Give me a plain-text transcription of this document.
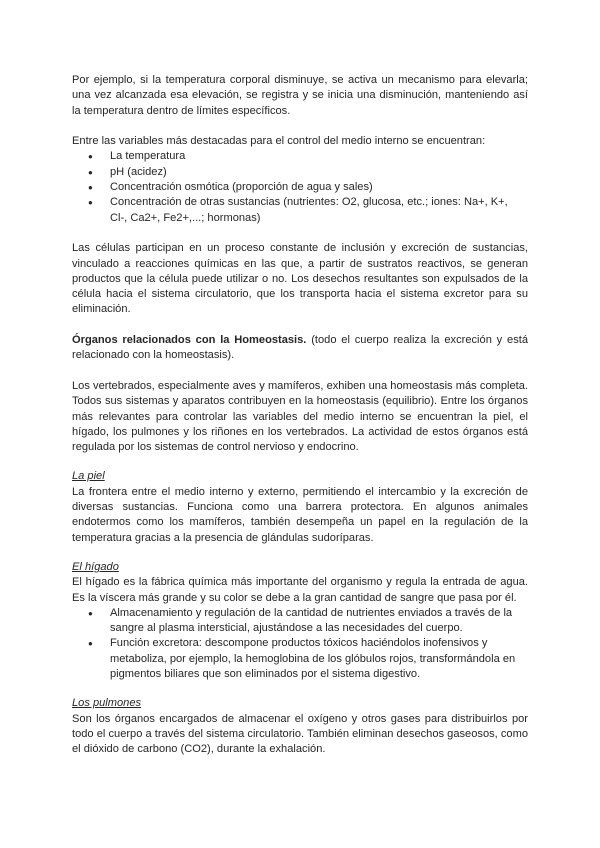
Por ejemplo, si la temperatura corporal disminuye, se activa un mecanismo para elevarla; una vez alcanzada esa elevación, se registra y se inicia una disminución, manteniendo así la temperatura dentro de límites específicos.

Entre las variables más destacadas para el control del medio interno se encuentran:

● La temperatura
● pH (acidez)
● Concentración osmótica (proporción de agua y sales)
● Concentración de otras sustancias (nutrientes: O2, glucosa, etc.; iones: Na+, K+, Cl-, Ca2+, Fe2+,...; hormonas)

Las células participan en un proceso constante de inclusión y excreción de sustancias, vinculado a reacciones químicas en las que, a partir de sustratos reactivos, se generan productos que la célula puede utilizar o no. Los desechos resultantes son expulsados de la célula hacia el sistema circulatorio, que los transporta hacia el sistema excretor para su eliminación.

Órganos relacionados con la Homeostasis. (todo el cuerpo realiza la excreción y está relacionado con la homeostasis).

Los vertebrados, especialmente aves y mamíferos, exhiben una homeostasis más completa. Todos sus sistemas y aparatos contribuyen en la homeostasis (equilibrio). Entre los órganos más relevantes para controlar las variables del medio interno se encuentran la piel, el hígado, los pulmones y los riñones en los vertebrados. La actividad de estos órganos está regulada por los sistemas de control nervioso y endocrino.

La piel

La frontera entre el medio interno y externo, permitiendo el intercambio y la excreción de diversas sustancias. Funciona como una barrera protectora. En algunos animales endotermos como los mamíferos, también desempeña un papel en la regulación de la temperatura gracias a la presencia de glándulas sudoríparas.

El hígado

El hígado es la fábrica química más importante del organismo y regula la entrada de agua. Es la víscera más grande y su color se debe a la gran cantidad de sangre que pasa por él.

● Almacenamiento y regulación de la cantidad de nutrientes enviados a través de la sangre al plasma intersticial, ajustándose a las necesidades del cuerpo.
● Función excretora: descompone productos tóxicos haciéndolos inofensivos y metaboliza, por ejemplo, la hemoglobina de los glóbulos rojos, transformándola en pigmentos biliares que son eliminados por el sistema digestivo.

Los pulmones

Son los órganos encargados de almacenar el oxígeno y otros gases para distribuirlos por todo el cuerpo a través del sistema circulatorio. También eliminan desechos gaseosos, como el dióxido de carbono (CO2), durante la exhalación.
